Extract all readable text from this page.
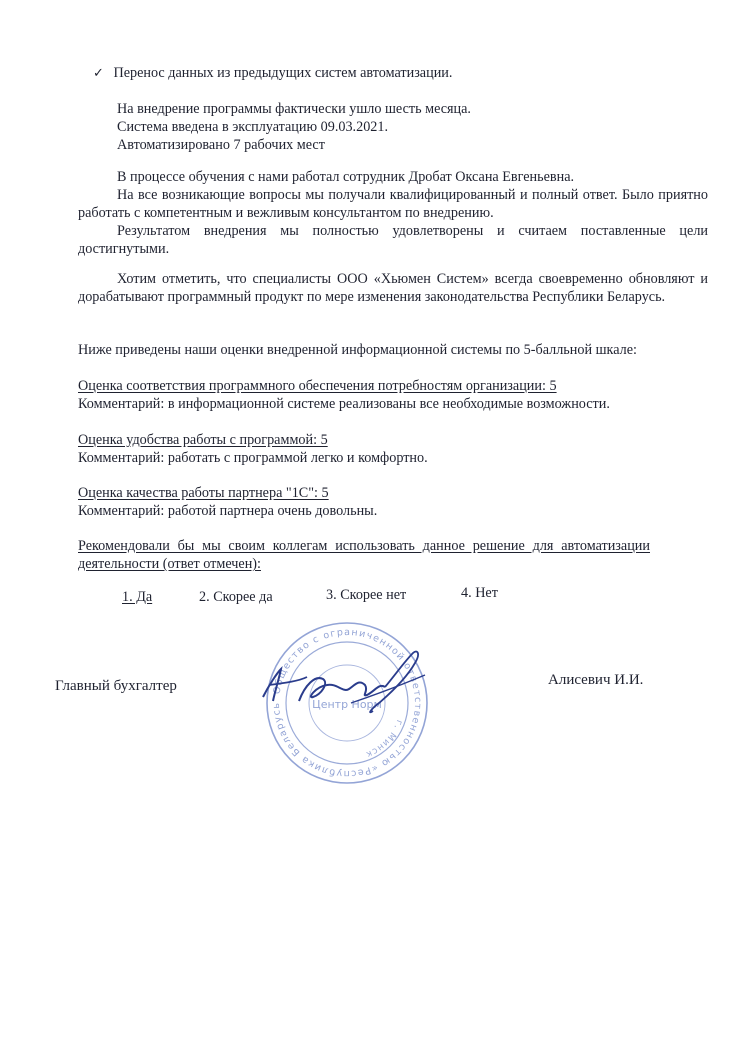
✓ Перенос данных из предыдущих систем автоматизации.
На внедрение программы фактически ушло шесть месяца.
Система введена в эксплуатацию 09.03.2021.
Автоматизировано 7 рабочих мест
В процессе обучения с нами работал сотрудник Дробат Оксана Евгеньевна.
На все возникающие вопросы мы получали квалифицированный и полный ответ. Было приятно работать с компетентным и вежливым консультантом по внедрению.
Результатом внедрения мы полностью удовлетворены и считаем поставленные цели достигнутыми.
Хотим отметить, что специалисты ООО «Хьюмен Систем» всегда своевременно обновляют и дорабатывают программный продукт по мере изменения законодательства Республики Беларусь.
Ниже приведены наши оценки внедренной информационной системы по 5-балльной шкале:
Оценка соответствия программного обеспечения потребностям организации: 5
Комментарий: в информационной системе реализованы все необходимые возможности.
Оценка удобства работы с программой: 5
Комментарий: работать с программой легко и комфортно.
Оценка качества работы партнера "1С": 5
Комментарий: работой партнера очень довольны.
Рекомендовали бы мы своим коллегам использовать данное решение для автоматизации деятельности (ответ отмечен):
1. Да	2. Скорее да	3. Скорее нет	4. Нет
Общество с ограниченной ответственностью «Республика Беларусь
г. Минск
Центр Норм
Главный бухгалтер	Алисевич И.И.
